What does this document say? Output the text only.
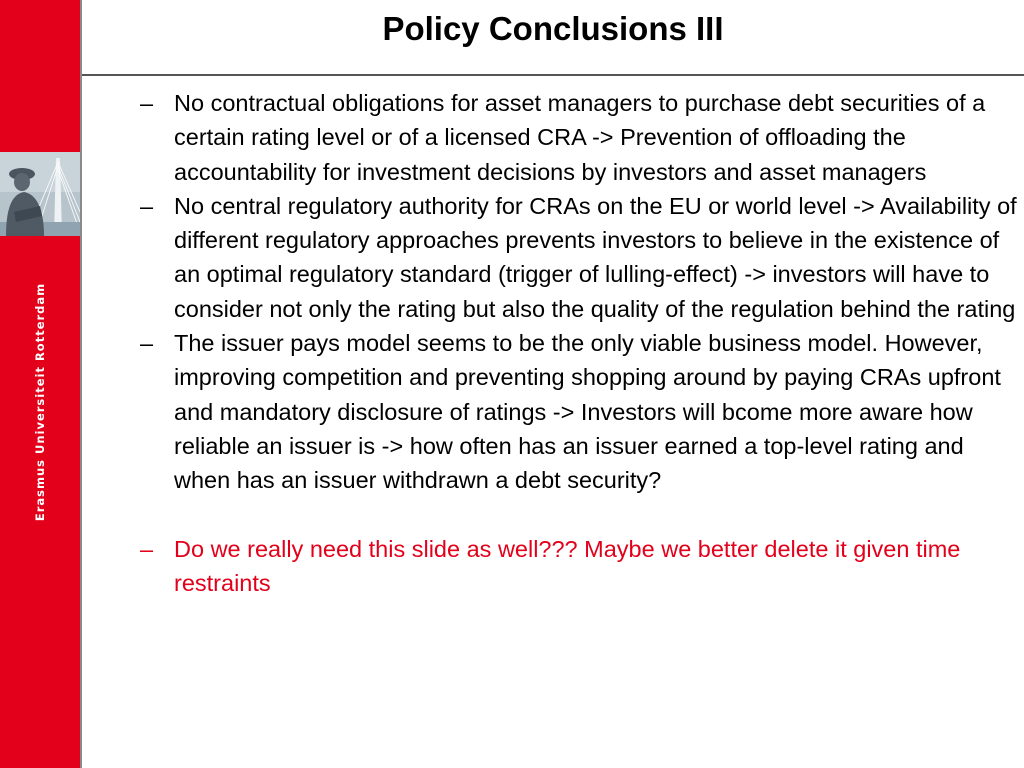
Erasmus Universiteit Rotterdam
Policy Conclusions III

– No contractual obligations for asset managers to purchase debt securities of a certain rating level or of a licensed CRA -> Prevention of offloading the accountability for investment decisions by investors and asset managers

– No central regulatory authority for CRAs on the EU or world level -> Availability of different regulatory approaches prevents investors to believe in the existence of an optimal regulatory standard (trigger of lulling-effect) -> investors will have to consider not only the rating but also the quality of the regulation behind the rating

– The issuer pays model seems to be the only viable business model. However, improving competition and preventing shopping around by paying CRAs upfront and mandatory disclosure of ratings -> Investors will bcome more aware how reliable an issuer is -> how often has an issuer earned a top-level rating and when has an issuer withdrawn a debt security?

– Do we really need this slide as well??? Maybe we better delete it given time restraints
